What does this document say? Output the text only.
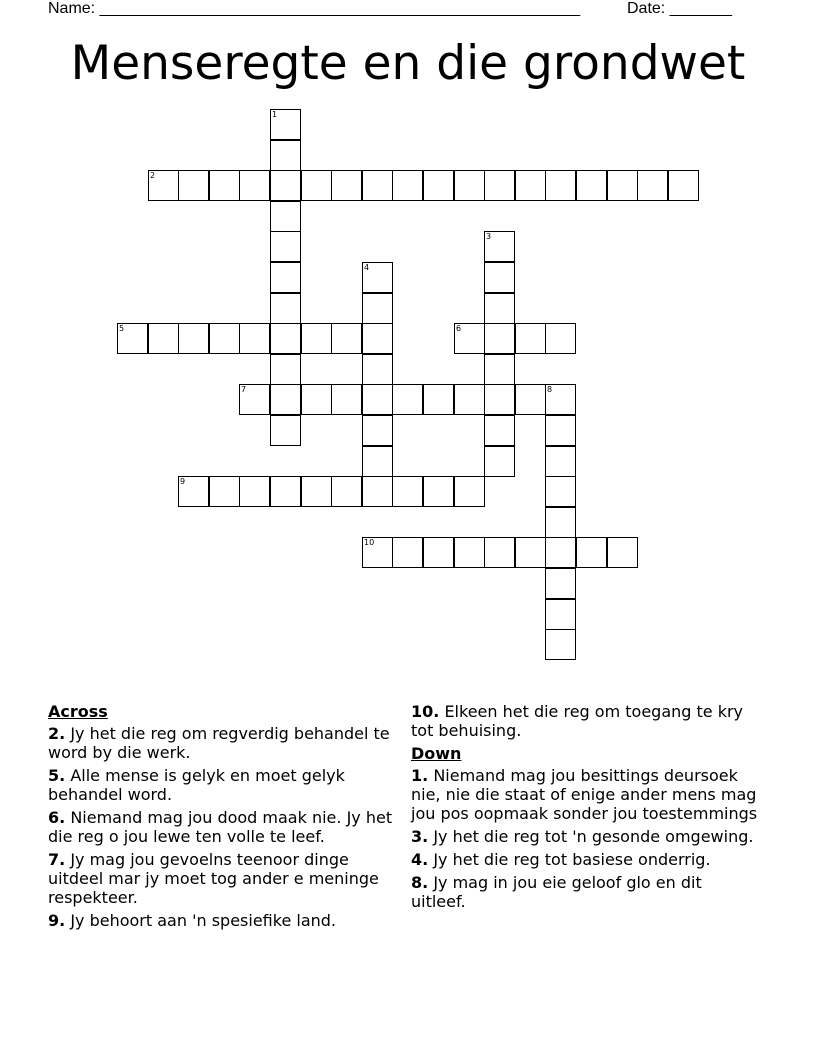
Name: ______________________________________________________	Date: _______
Menseregte en die grondwet
1
2
3
4
5	6
7	8
9
10
Across
2. Jy het die reg om regverdig behandel te word by die werk.
5. Alle mense is gelyk en moet gelyk behandel word.
6. Niemand mag jou dood maak nie. Jy het die reg o jou lewe ten volle te leef.
7. Jy mag jou gevoelns teenoor dinge uitdeel mar jy moet tog ander e meninge respekteer.
9. Jy behoort aan 'n spesiefike land.
10. Elkeen het die reg om toegang te kry tot behuising.
Down
1. Niemand mag jou besittings deursoek nie, nie die staat of enige ander mens mag jou pos oopmaak sonder jou toestemmings
3. Jy het die reg tot 'n gesonde omgewing.
4. Jy het die reg tot basiese onderrig.
8. Jy mag in jou eie geloof glo en dit uitleef.
